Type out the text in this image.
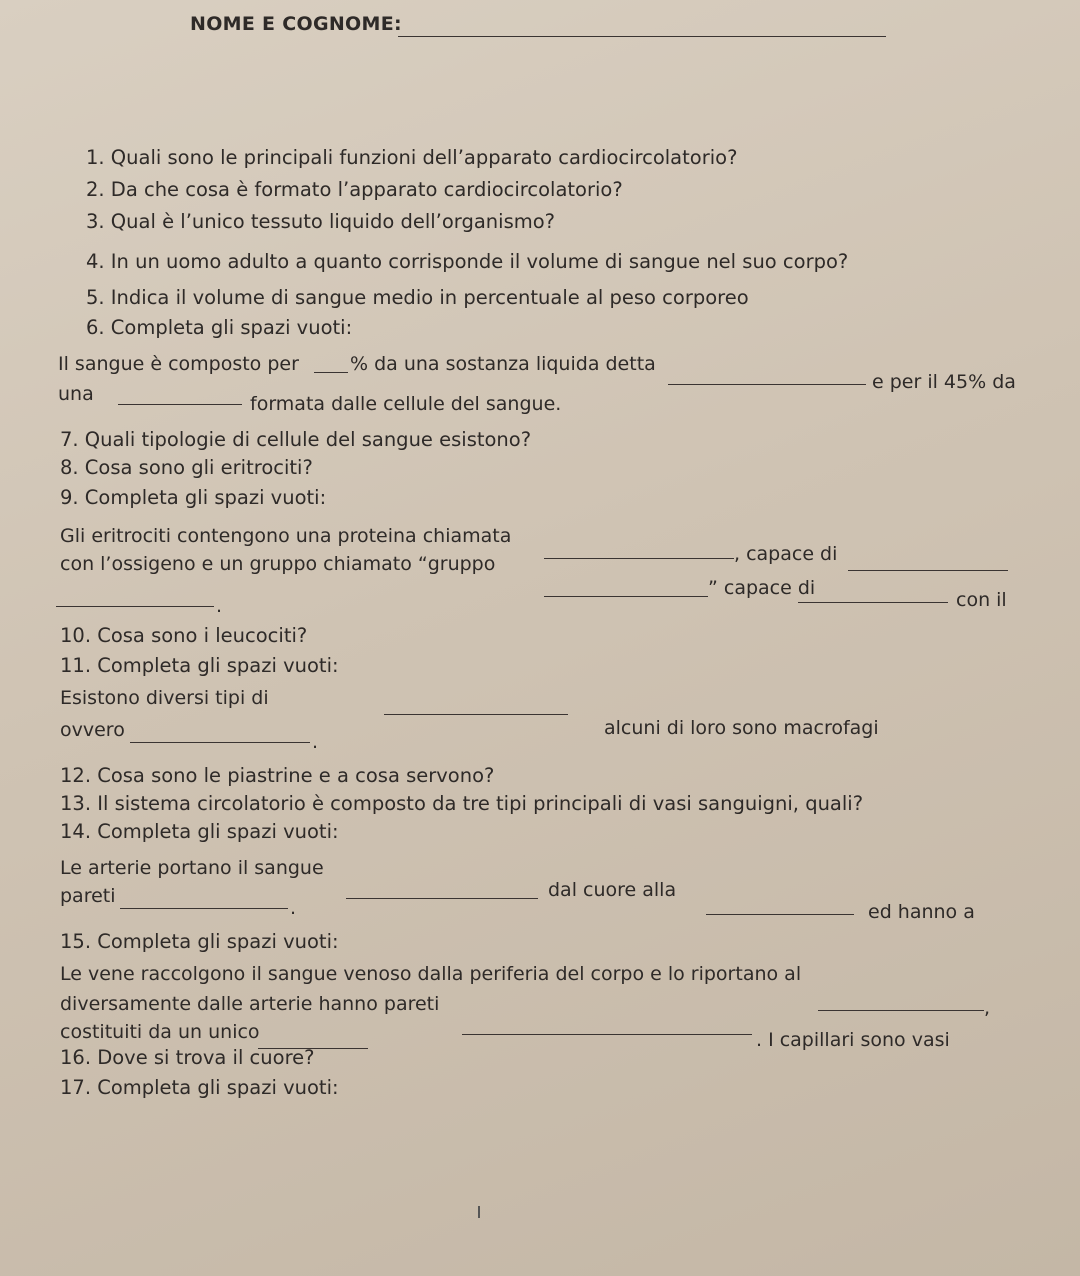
NOME E COGNOME:
1. Quali sono le principali funzioni dell’apparato cardiocircolatorio?
2. Da che cosa è formato l’apparato cardiocircolatorio?
3. Qual è l’unico tessuto liquido dell’organismo?
4. In un uomo adulto a quanto corrisponde il volume di sangue nel suo corpo?
5. Indica il volume di sangue medio in percentuale al peso corporeo
6. Completa gli spazi vuoti:
Il sangue è composto per	% da una sostanza liquida detta
e per il 45% da
una	formata dalle cellule del sangue.
7. Quali tipologie di cellule del sangue esistono?
8. Cosa sono gli eritrociti?
9. Completa gli spazi vuoti:
Gli eritrociti contengono una proteina chiamata
, capace di
con l’ossigeno e un gruppo chiamato “gruppo
” capace di
con il
.
10. Cosa sono i leucociti?
11. Completa gli spazi vuoti:
Esistono diversi tipi di
alcuni di loro sono macrofagi
ovvero
.
12. Cosa sono le piastrine e a cosa servono?
13. Il sistema circolatorio è composto da tre tipi principali di vasi sanguigni, quali?
14. Completa gli spazi vuoti:
Le arterie portano il sangue
dal cuore alla
ed hanno a
pareti
.
15. Completa gli spazi vuoti:
Le vene raccolgono il sangue venoso dalla periferia del corpo e lo riportano al
,
diversamente dalle arterie hanno pareti
costituiti da un unico	. I capillari sono vasi
16. Dove si trova il cuore?
17. Completa gli spazi vuoti:
